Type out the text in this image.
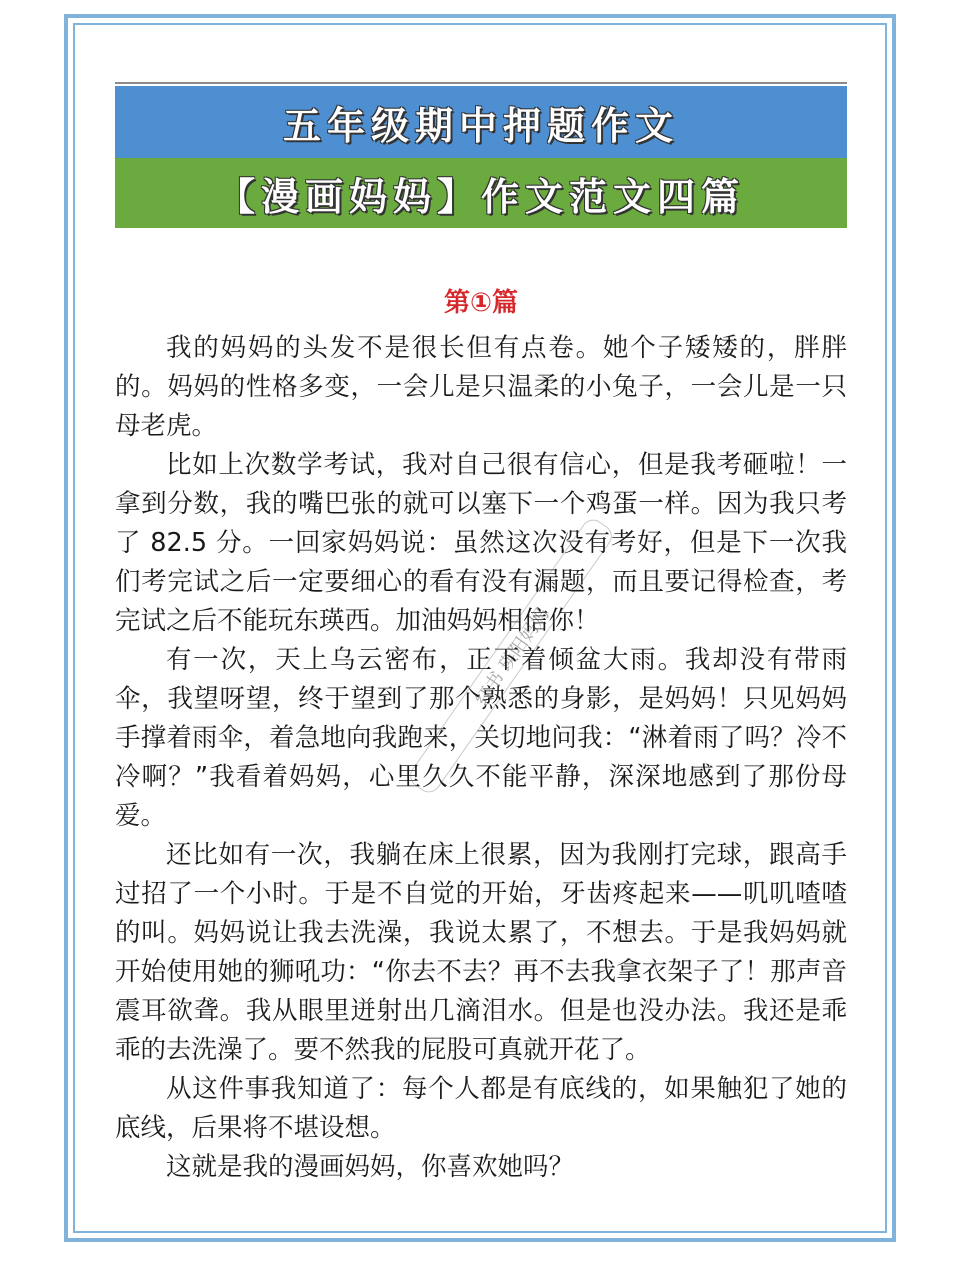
五年级期中押题作文
【漫画妈妈】作文范文四篇
第①篇

我的妈妈的头发不是很长但有点卷。她个子矮矮的，胖胖的。妈妈的性格多变，一会儿是只温柔的小兔子，一会儿是一只母老虎。

比如上次数学考试，我对自己很有信心，但是我考砸啦！一拿到分数，我的嘴巴张的就可以塞下一个鸡蛋一样。因为我只考了 82.5 分。一回家妈妈说：虽然这次没有考好，但是下一次我们考完试之后一定要细心的看有没有漏题，而且要记得检查，考完试之后不能玩东瑛西。加油妈妈相信你！

有一次，天上乌云密布，正下着倾盆大雨。我却没有带雨伞，我望呀望，终于望到了那个熟悉的身影，是妈妈！只见妈妈手撑着雨伞，着急地向我跑来，关切地问我：“淋着雨了吗？冷不冷啊？”我看着妈妈，心里久久不能平静，深深地感到了那份母爱。

还比如有一次，我躺在床上很累，因为我刚打完球，跟高手过招了一个小时。于是不自觉的开始，牙齿疼起来——叽叽喳喳的叫。妈妈说让我去洗澡，我说太累了，不想去。于是我妈妈就开始使用她的狮吼功：“你去不去？再不去我拿衣架子了！那声音震耳欲聋。我从眼里迸射出几滴泪水。但是也没办法。我还是乖乖的去洗澡了。要不然我的屁股可真就开花了。

从这件事我知道了：每个人都是有底线的，如果触犯了她的底线，后果将不堪设想。

这就是我的漫画妈妈，你喜欢她吗？

红书 瑛阳妈妈
